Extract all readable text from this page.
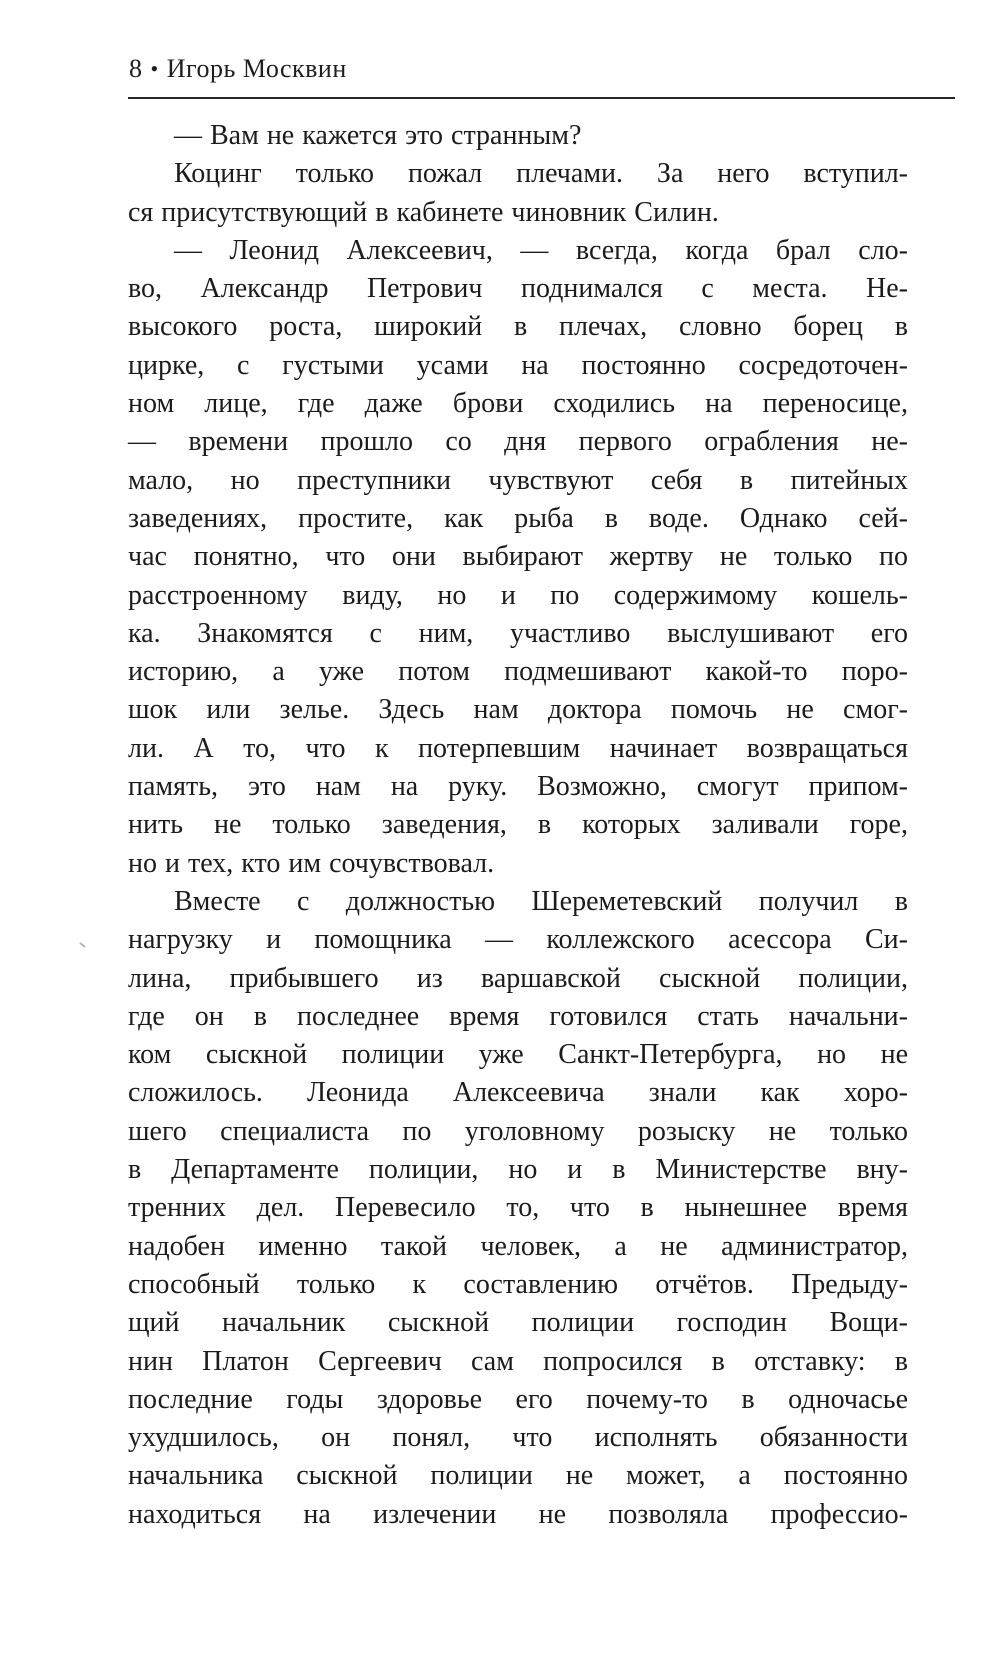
8 • Игорь Москвин
— Вам не кажется это странным?
Коцинг только пожал плечами. За него вступил-
ся присутствующий в кабинете чиновник Силин.
— Леонид Алексеевич, — всегда, когда брал сло-
во, Александр Петрович поднимался с места. Не-
высокого роста, широкий в плечах, словно борец в
цирке, с густыми усами на постоянно сосредоточен-
ном лице, где даже брови сходились на переносице,
— времени прошло со дня первого ограбления не-
мало, но преступники чувствуют себя в питейных
заведениях, простите, как рыба в воде. Однако сей-
час понятно, что они выбирают жертву не только по
расстроенному виду, но и по содержимому кошель-
ка. Знакомятся с ним, участливо выслушивают его
историю, а уже потом подмешивают какой-то поро-
шок или зелье. Здесь нам доктора помочь не смог-
ли. А то, что к потерпевшим начинает возвращаться
память, это нам на руку. Возможно, смогут припом-
нить не только заведения, в которых заливали горе,
но и тех, кто им сочувствовал.
Вместе с должностью Шереметевский получил в
нагрузку и помощника — коллежского асессора Си-
лина, прибывшего из варшавской сыскной полиции,
где он в последнее время готовился стать начальни-
ком сыскной полиции уже Санкт-Петербурга, но не
сложилось. Леонида Алексеевича знали как хоро-
шего специалиста по уголовному розыску не только
в Департаменте полиции, но и в Министерстве вну-
тренних дел. Перевесило то, что в нынешнее время
надобен именно такой человек, а не администратор,
способный только к составлению отчётов. Предыду-
щий начальник сыскной полиции господин Вощи-
нин Платон Сергеевич сам попросился в отставку: в
последние годы здоровье его почему-то в одночасье
ухудшилось, он понял, что исполнять обязанности
начальника сыскной полиции не может, а постоянно
находиться на излечении не позволяла профессио-
